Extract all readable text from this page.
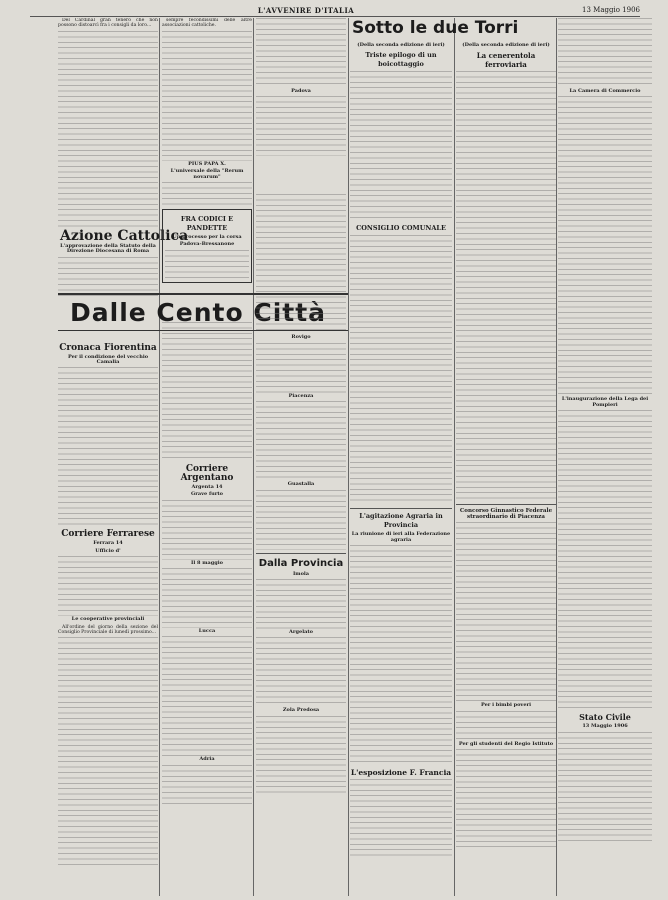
L'AVVENIRE D'ITALIA	13 Maggio 1906

Del Cardinal gran tenero che non possono distoarcì fra i consigli da loro...

L'approvazione della Statuto della Direzione Diocesana di Roma
Cronaca Fiorentina
Per il condizione del vecchio Camalia
Corriere Ferrarese
Ferrara 14
Ufficio d'
Le cooperative provinciali

All'ordine del giorno della sezione del Consiglio Provinciale di lunedì prossimo...

Azione Cattolica
Dalle Cento Città

sempre fecondissimi delle altre associazioni cattoliche.

PIUS PAPA X.
L'universale della "Rerum novarum"
FRA CODICI E PANDETTE
Un processo per la corsa
Padova-Bressanone
Corriere Argentano
Argenta 14
Grave furto
Il 8 maggio
Lucca
Adria
Padova
Rovigo
Piacenza
Guastalla
Dalla Provincia
Imola
Argelato
Zola Predosa
(Della seconda edizione di ieri)
Triste epilogo di un boicottaggio
CONSIGLIO COMUNALE
L'agitazione Agraria in Provincia
La riunione di ieri alla Federazione agraria
L'esposizione F. Francia
Sotto le due Torri
(Della seconda edizione di ieri)
La cenerentola ferroviaria
Concorso Ginnastico Federale straordinario di Piacenza
Per i bimbi poveri
Per gli studenti del Regio Istituto
La Camera di Commercio
L'inaugurazione della Lega dei Pompieri
Stato Civile
13 Maggio 1906
